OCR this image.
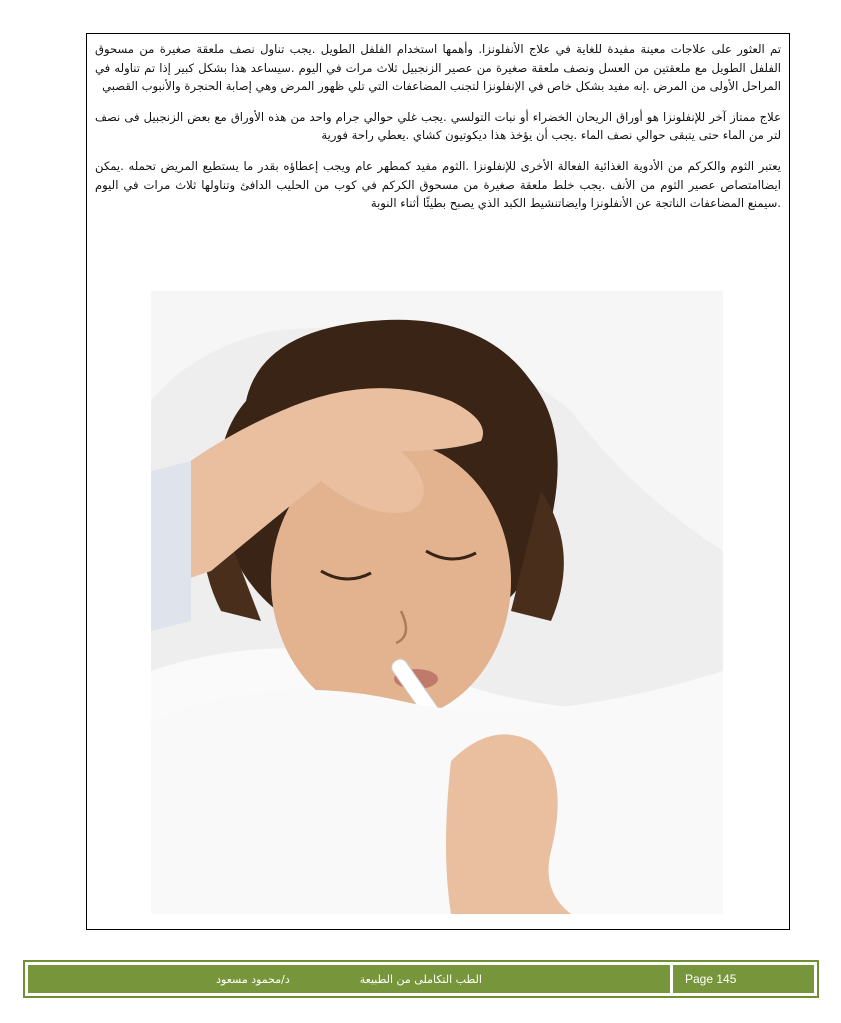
تم العثور على علاجات معينة مفيدة للغاية في علاج الأنفلونزا. وأهمها استخدام الفلفل الطويل .يجب تناول نصف ملعقة صغيرة من مسحوق الفلفل الطويل مع ملعقتين من العسل ونصف ملعقة صغيرة من عصير الزنجبيل ثلاث مرات في اليوم .سيساعد هذا بشكل كبير إذا تم تناوله في المراحل الأولى من المرض .إنه مفيد بشكل خاص في الإنفلونزا لتجنب المضاعفات التي تلي ظهور المرض وهي إصابة الحنجرة والأنبوب القصبي

علاج ممتاز آخر للإنفلونزا هو أوراق الريحان الخضراء أو نبات التولسي .يجب غلي حوالي جرام واحد من هذه الأوراق مع بعض الزنجبيل فى نصف لتر من الماء حتى يتبقى حوالي نصف الماء .يجب أن يؤخذ هذا ديكوتيون كشاي .يعطي راحة فورية

يعتبر الثوم والكركم من الأدوية الغذائية الفعالة الأخرى للإنفلونزا .الثوم مفيد كمطهر عام ويجب إعطاؤه بقدر ما يستطيع المريض تحمله .يمكن ايضاامتصاص عصير الثوم من الأنف .يجب خلط ملعقة صغيرة من مسحوق الكركم في كوب من الحليب الدافئ وتناولها ثلاث مرات في اليوم .سيمنع المضاعفات الناتجة عن الأنفلونزا وايضاتنشيط الكبد الذي يصبح بطيئًا أثناء النوبة

الطب التكاملى من الطبيعة
د/محمود مسعود	Page 145
